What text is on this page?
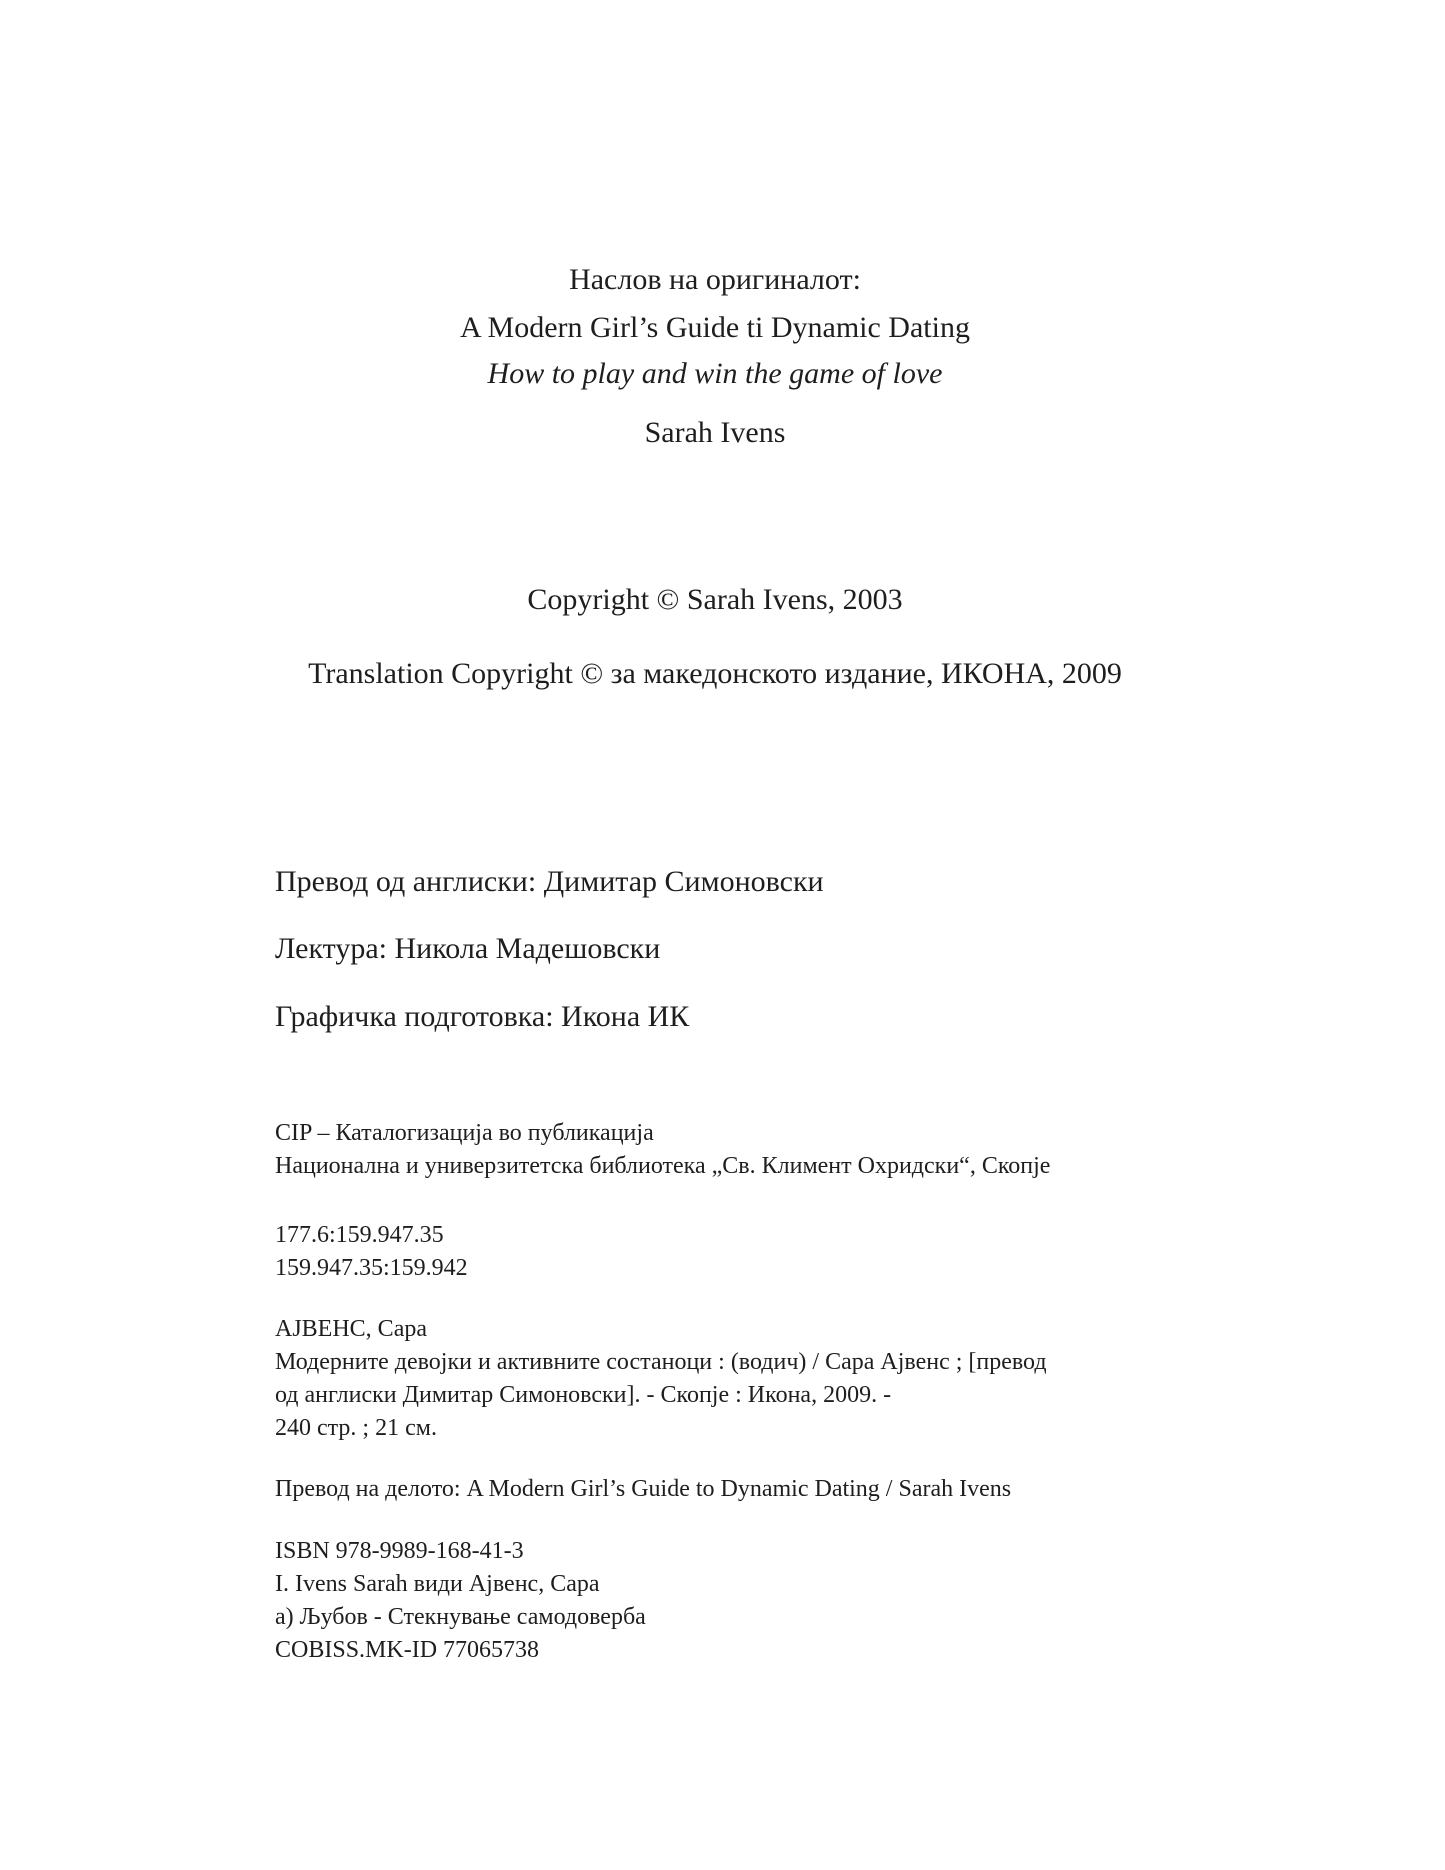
Наслов на оригиналот:

A Modern Girl’s Guide ti Dynamic Dating

How to play and win the game of love

Sarah Ivens

Copyright © Sarah Ivens, 2003

Translation Copyright © за македонското издание, ИКОНА, 2009

Превод од англиски: Димитар Симоновски

Лектура: Никола Мадешовски

Графичка подготовка: Икона ИК

CIP – Каталогизација во публикација

Национална и универзитетска библиотека „Св. Климент Охридски“, Скопје

177.6:159.947.35

159.947.35:159.942

АЈВЕНС, Сара

Модерните девојки и активните состаноци : (водич) / Сара Ајвенс ; [превод

од англиски Димитар Симоновски]. - Скопје : Икона, 2009. -

240 стр. ; 21 см.

Превод на делото: A Modern Girl’s Guide to Dynamic Dating / Sarah Ivens

ISBN 978-9989-168-41-3

I. Ivens Sarah види Ајвенс, Сара

а) Љубов - Стекнување самодоверба

COBISS.MK-ID 77065738
